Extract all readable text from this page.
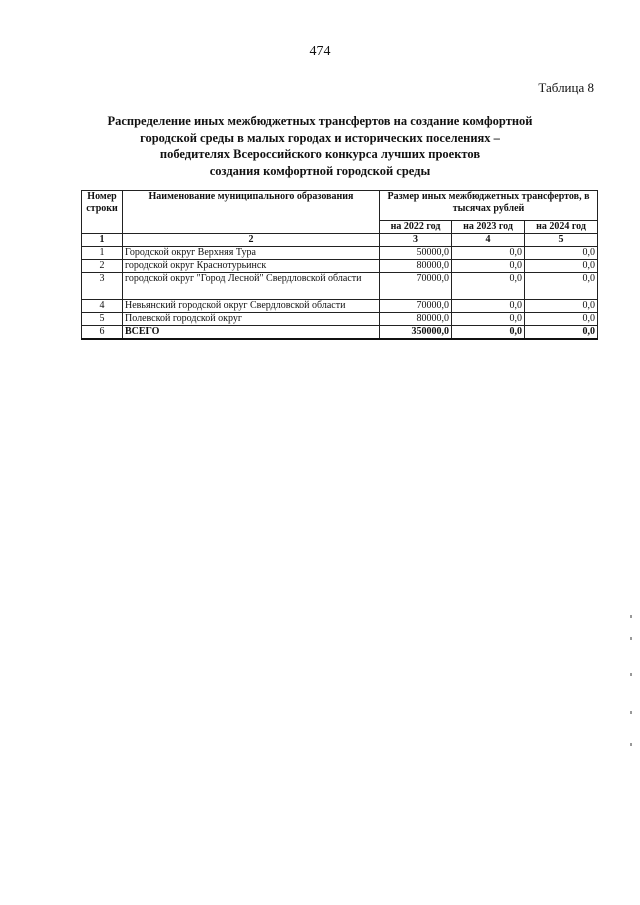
474
Таблица 8
Распределение иных межбюджетных трансфертов на создание комфортной
городской среды в малых городах и исторических поселениях –
победителях Всероссийского конкурса лучших проектов
создания комфортной городской среды
Номер строки	Наименование муниципального образования	Размер иных межбюджетных трансфертов, в тысячах рублей		
		на 2022 год	на 2023 год	на 2024 год
1	2	3	4	5
1	Городской округ Верхняя Тура	50000,0	0,0	0,0
2	городской округ Краснотурьинск	80000,0	0,0	0,0
3	городской округ "Город Лесной" Свердловской области	70000,0	0,0	0,0
4	Невьянский городской округ Свердловской области	70000,0	0,0	0,0
5	Полевской городской округ	80000,0	0,0	0,0
6	ВСЕГО	350000,0	0,0	0,0
